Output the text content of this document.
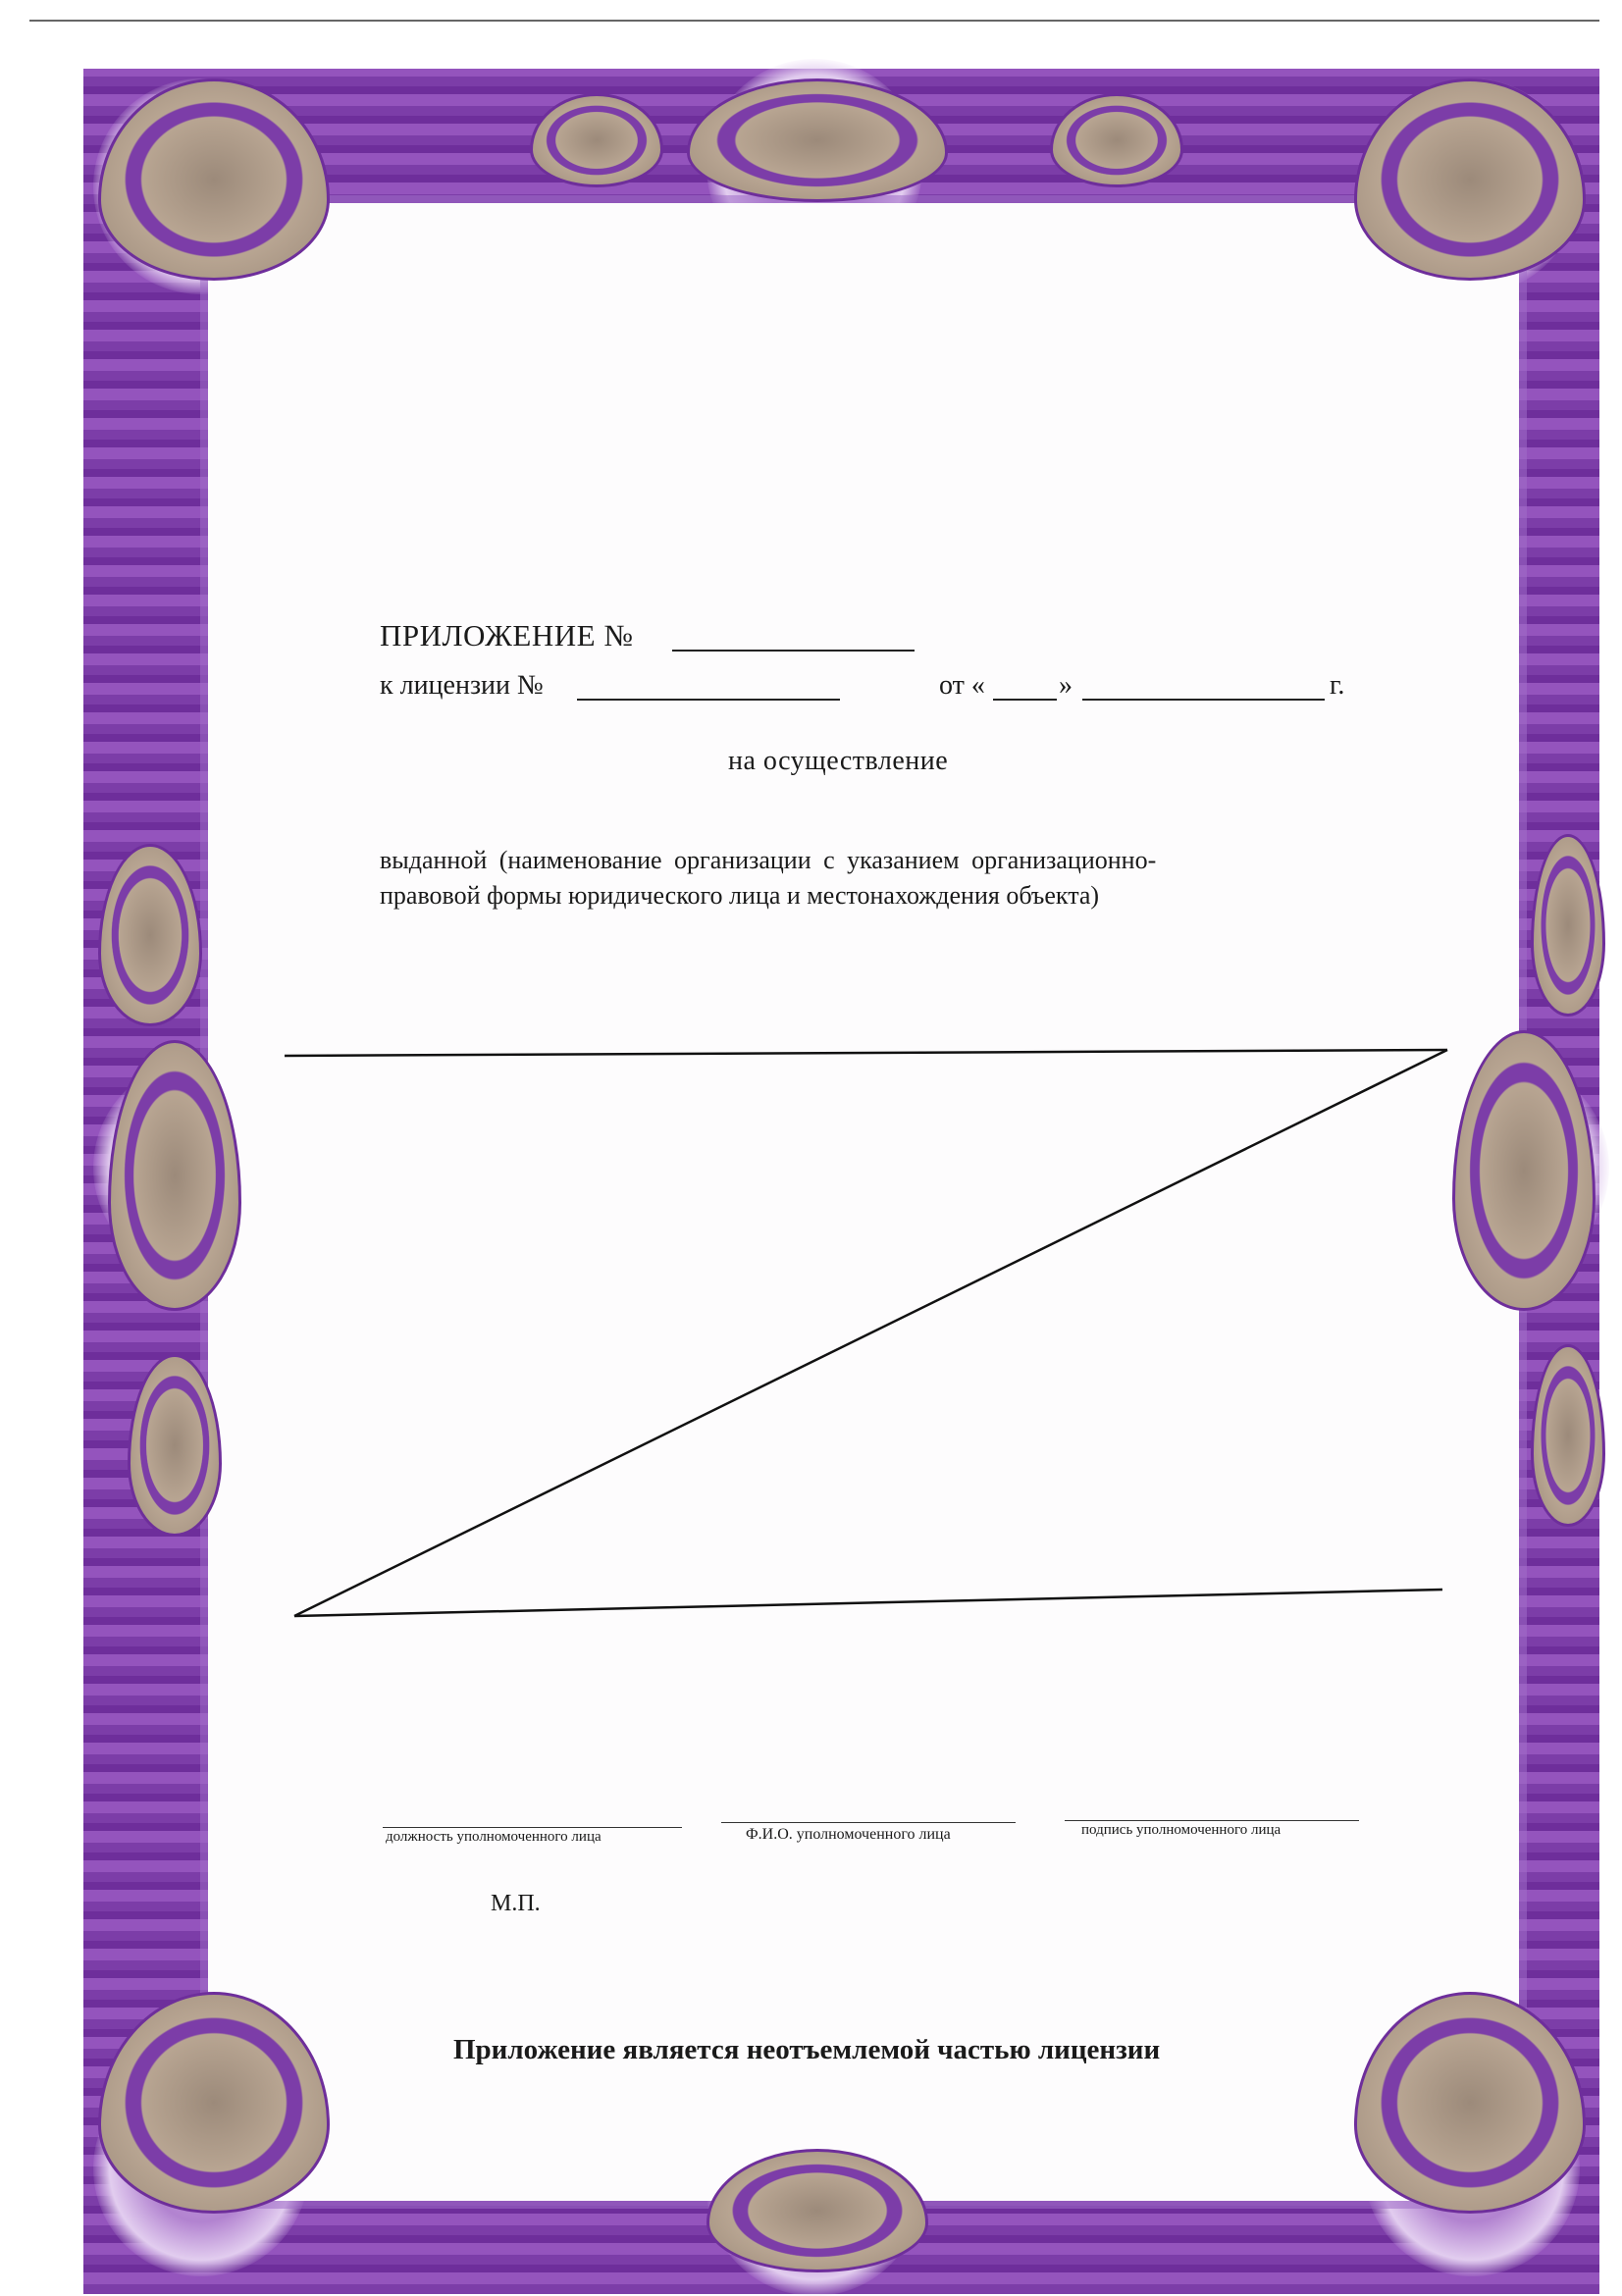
ПРИЛОЖЕНИЕ №
к лицензии №	от «	»	г.
на осуществление
выданной (наименование организации с указанием организационно-
правовой формы юридического лица и местонахождения объекта)
должность уполномоченного лица	Ф.И.О. уполномоченного лица	подпись уполномоченного лица
М.П.
Приложение является неотъемлемой частью лицензии
